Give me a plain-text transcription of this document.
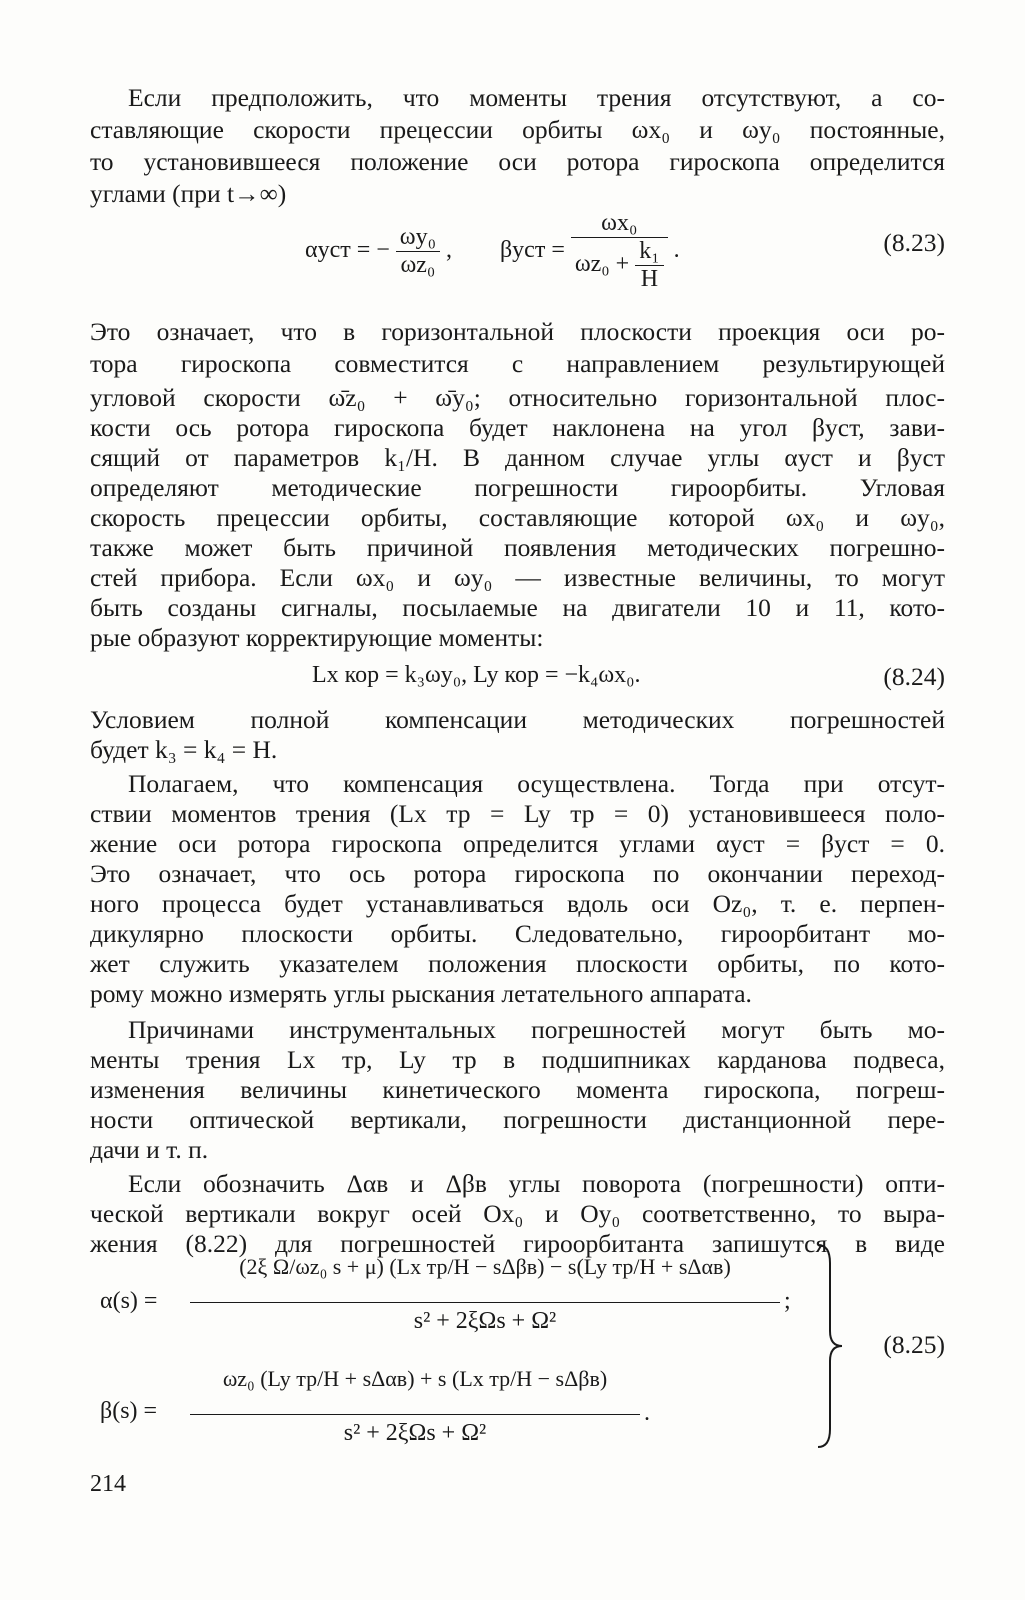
Если предположить, что моменты трения отсутствуют, а со-
ставляющие скорости прецессии орбиты ωx₀ и ωy₀ постоянные,
то установившееся положение оси ротора гироскопа определится
углами (при t→∞)
αуст = − $\frac{\text{ωy₀}}{\text{ωz₀}}$ , $\beta уст = \frac{\text{ωx₀}}{\omega z_0 + \frac{\text{k₁}}{H}}$ .	(8.23)
Это означает, что в горизонтальной плоскости проекция оси ро-
тора гироскопа совместится с направлением результирующей
угловой скорости ω̄z₀ + ω̄y₀; относительно горизонтальной плос-
кости ось ротора гироскопа будет наклонена на угол βуст, зави-
сящий от параметров k₁/H. В данном случае углы αуст и βуст
определяют методические погрешности гироорбиты. Угловая
скорость прецессии орбиты, составляющие которой ωx₀ и ωy₀,
также может быть причиной появления методических погрешно-
стей прибора. Если ωx₀ и ωy₀ — известные величины, то могут
быть созданы сигналы, посылаемые на двигатели 10 и 11, кото-
рые образуют корректирующие моменты:
Lx кор = k₃ωy₀, Ly кор = −k₄ωx₀.	(8.24)
Условием полной компенсации методических погрешностей
будет k₃ = k₄ = H.
Полагаем, что компенсация осуществлена. Тогда при отсут-
ствии моментов трения (Lx тр = Ly тр = 0) установившееся поло-
жение оси ротора гироскопа определится углами αуст = βуст = 0.
Это означает, что ось ротора гироскопа по окончании переход-
ного процесса будет устанавливаться вдоль оси Oz₀, т. е. перпен-
дикулярно плоскости орбиты. Следовательно, гироорбитант мо-
жет служить указателем положения плоскости орбиты, по кото-
рому можно измерять углы рыскания летательного аппарата.
Причинами инструментальных погрешностей могут быть мо-
менты трения Lx тр, Ly тр в подшипниках карданова подвеса,
изменения величины кинетического момента гироскопа, погреш-
ности оптической вертикали, погрешности дистанционной пере-
дачи и т. п.
Если обозначить Δαв и Δβв углы поворота (погрешности) опти-
ческой вертикали вокруг осей Ox₀ и Oy₀ соответственно, то выра-
жения (8.22) для погрешностей гироорбитанта запишутся в виде
α(s) =
(2ξ Ω/ωz₀ s + μ) (Lx тр/H − sΔβв) − s(Ly тр/H + sΔαв)
s² + 2ξΩs + Ω²
;
β(s) =
ωz₀ (Ly тр/H + sΔαв) + s (Lx тр/H − sΔβв)
s² + 2ξΩs + Ω²
.
(8.25)
214
